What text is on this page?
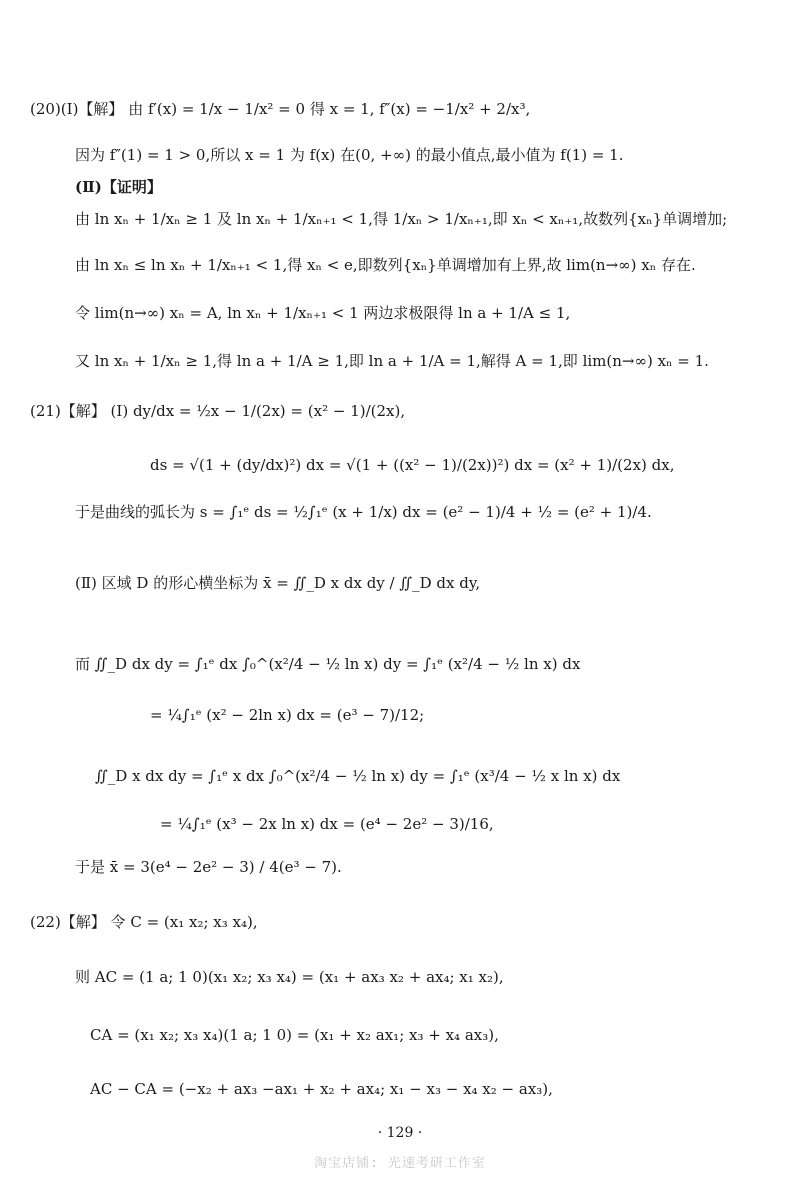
(20)(Ⅰ)【解】 由 f′(x) = 1/x − 1/x² = 0 得 x = 1, f″(x) = −1/x² + 2/x³,
因为 f″(1) = 1 > 0,所以 x = 1 为 f(x) 在(0, +∞) 的最小值点,最小值为 f(1) = 1.
(Ⅱ)【证明】
由 ln xₙ + 1/xₙ ≥ 1 及 ln xₙ + 1/xₙ₊₁ < 1,得 1/xₙ > 1/xₙ₊₁,即 xₙ < xₙ₊₁,故数列{xₙ}单调增加;
由 ln xₙ ≤ ln xₙ + 1/xₙ₊₁ < 1,得 xₙ < e,即数列{xₙ}单调增加有上界,故 lim(n→∞) xₙ 存在.
令 lim(n→∞) xₙ = A, ln xₙ + 1/xₙ₊₁ < 1 两边求极限得 ln a + 1/A ≤ 1,
又 ln xₙ + 1/xₙ ≥ 1,得 ln a + 1/A ≥ 1,即 ln a + 1/A = 1,解得 A = 1,即 lim(n→∞) xₙ = 1.
(21)【解】 (Ⅰ) dy/dx = ½x − 1/(2x) = (x² − 1)/(2x),
ds = √(1 + (dy/dx)²) dx = √(1 + ((x² − 1)/(2x))²) dx = (x² + 1)/(2x) dx,
于是曲线的弧长为 s = ∫₁ᵉ ds = ½∫₁ᵉ (x + 1/x) dx = (e² − 1)/4 + ½ = (e² + 1)/4.
(Ⅱ) 区域 D 的形心横坐标为 x̄ = ∬_D x dx dy / ∬_D dx dy,
而 ∬_D dx dy = ∫₁ᵉ dx ∫₀^(x²/4 − ½ ln x) dy = ∫₁ᵉ (x²/4 − ½ ln x) dx
= ¼∫₁ᵉ (x² − 2ln x) dx = (e³ − 7)/12;
∬_D x dx dy = ∫₁ᵉ x dx ∫₀^(x²/4 − ½ ln x) dy = ∫₁ᵉ (x³/4 − ½ x ln x) dx
= ¼∫₁ᵉ (x³ − 2x ln x) dx = (e⁴ − 2e² − 3)/16,
于是 x̄ = 3(e⁴ − 2e² − 3) / 4(e³ − 7).
(22)【解】 令 C = (x₁ x₂; x₃ x₄),
则 AC = (1 a; 1 0)(x₁ x₂; x₃ x₄) = (x₁ + ax₃ x₂ + ax₄; x₁ x₂),
CA = (x₁ x₂; x₃ x₄)(1 a; 1 0) = (x₁ + x₂ ax₁; x₃ + x₄ ax₃),
AC − CA = (−x₂ + ax₃ −ax₁ + x₂ + ax₄; x₁ − x₃ − x₄ x₂ − ax₃),
· 129 ·
淘宝店铺: 光速考研工作室
